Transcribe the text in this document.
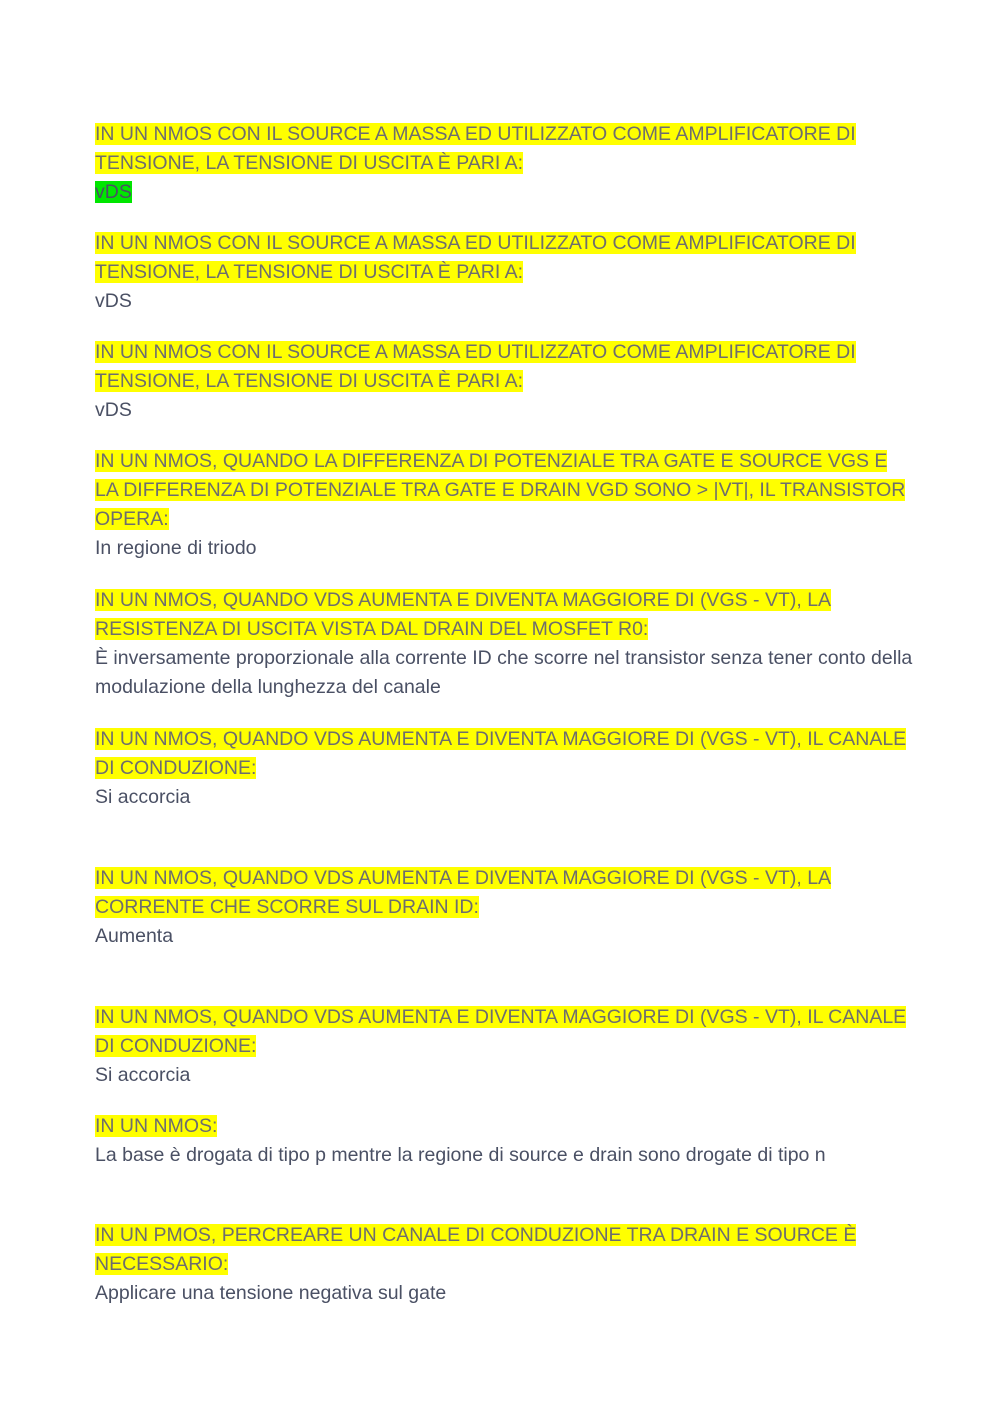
IN UN NMOS CON IL SOURCE A MASSA ED UTILIZZATO COME AMPLIFICATORE DI TENSIONE, LA TENSIONE DI USCITA È PARI A:

vDS

IN UN NMOS CON IL SOURCE A MASSA ED UTILIZZATO COME AMPLIFICATORE DI TENSIONE, LA TENSIONE DI USCITA È PARI A:

vDS

IN UN NMOS CON IL SOURCE A MASSA ED UTILIZZATO COME AMPLIFICATORE DI TENSIONE, LA TENSIONE DI USCITA È PARI A:

vDS

IN UN NMOS, QUANDO LA DIFFERENZA DI POTENZIALE TRA GATE E SOURCE VGS E LA DIFFERENZA DI POTENZIALE TRA GATE E DRAIN VGD SONO > |VT|, IL TRANSISTOR OPERA:

In regione di triodo

IN UN NMOS, QUANDO VDS AUMENTA E DIVENTA MAGGIORE DI (VGS - VT), LA RESISTENZA DI USCITA VISTA DAL DRAIN DEL MOSFET R0:

È inversamente proporzionale alla corrente ID che scorre nel transistor senza tener conto della modulazione della lunghezza del canale

IN UN NMOS, QUANDO VDS AUMENTA E DIVENTA MAGGIORE DI (VGS - VT), IL CANALE DI CONDUZIONE:

Si accorcia

IN UN NMOS, QUANDO VDS AUMENTA E DIVENTA MAGGIORE DI (VGS - VT), LA CORRENTE CHE SCORRE SUL DRAIN ID:

Aumenta

IN UN NMOS, QUANDO VDS AUMENTA E DIVENTA MAGGIORE DI (VGS - VT), IL CANALE DI CONDUZIONE:

Si accorcia

IN UN NMOS:

La base è drogata di tipo p mentre la regione di source e drain sono drogate di tipo n

IN UN PMOS, PERCREARE UN CANALE DI CONDUZIONE TRA DRAIN E SOURCE È NECESSARIO:

Applicare una tensione negativa sul gate
